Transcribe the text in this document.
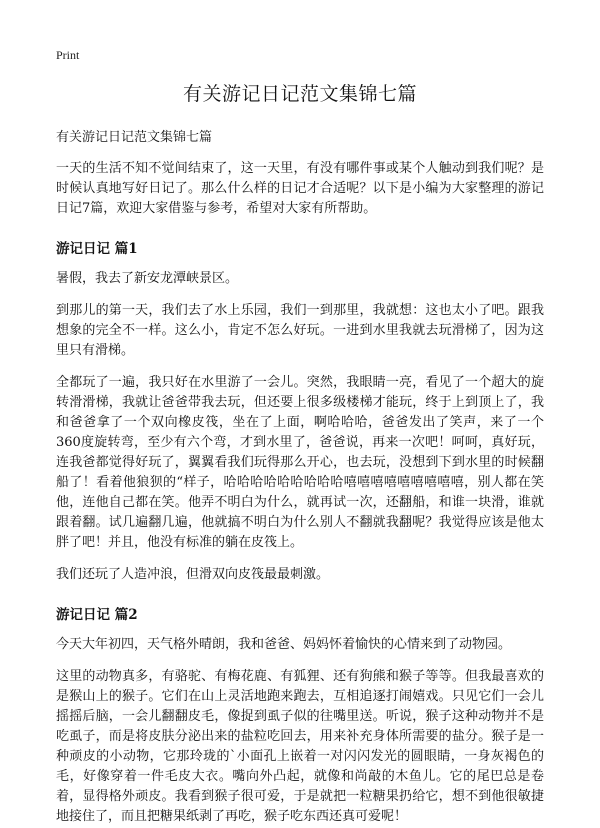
Print
有关游记日记范文集锦七篇
有关游记日记范文集锦七篇

一天的生活不知不觉间结束了，这一天里，有没有哪件事或某个人触动到我们呢？是时候认真地写好日记了。那么什么样的日记才合适呢？以下是小编为大家整理的游记日记7篇，欢迎大家借鉴与参考，希望对大家有所帮助。

游记日记 篇1

暑假，我去了新安龙潭峡景区。

到那儿的第一天，我们去了水上乐园，我们一到那里，我就想：这也太小了吧。跟我想象的完全不一样。这么小，肯定不怎么好玩。一进到水里我就去玩滑梯了，因为这里只有滑梯。

全都玩了一遍，我只好在水里游了一会儿。突然，我眼睛一亮，看见了一个超大的旋转滑滑梯，我就让爸爸带我去玩，但还要上很多级楼梯才能玩，终于上到顶上了，我和爸爸拿了一个双向橡皮筏，坐在了上面，啊哈哈哈，爸爸发出了笑声，来了一个360度旋转弯，至少有六个弯，才到水里了，爸爸说，再来一次吧！呵呵，真好玩，连我爸都觉得好玩了，翼翼看我们玩得那么开心，也去玩，没想到下到水里的时候翻船了！看着他狼狈的“样子，哈哈哈哈哈哈哈哈哈嘻嘻嘻嘻嘻嘻嘻嘻嘻，别人都在笑他，连他自己都在笑。他弄不明白为什么，就再试一次，还翻船，和谁一块滑，谁就跟着翻。试几遍翻几遍，他就搞不明白为什么别人不翻就我翻呢？我觉得应该是他太胖了吧！并且，他没有标准的躺在皮筏上。

我们还玩了人造冲浪，但滑双向皮筏最最刺激。

游记日记 篇2

今天大年初四，天气格外晴朗，我和爸爸、妈妈怀着愉快的心情来到了动物园。

这里的动物真多，有骆驼、有梅花鹿、有狐狸、还有狗熊和猴子等等。但我最喜欢的是猴山上的猴子。它们在山上灵活地跑来跑去，互相追逐打闹嬉戏。只见它们一会儿摇摇后脑，一会儿翻翻皮毛，像捉到虱子似的往嘴里送。听说，猴子这种动物并不是吃虱子，而是将皮肤分泌出来的盐粒吃回去，用来补充身体所需要的盐分。猴子是一种顽皮的小动物，它那玲珑的`小面孔上嵌着一对闪闪发光的圆眼睛，一身灰褐色的毛，好像穿着一件毛皮大衣。嘴向外凸起，就像和尚敲的木鱼儿。它的尾巴总是卷着，显得格外顽皮。我看到猴子很可爱，于是就把一粒糖果扔给它，想不到他很敏捷地接住了，而且把糖果纸剥了再吃，猴子吃东西还真可爱呢！
